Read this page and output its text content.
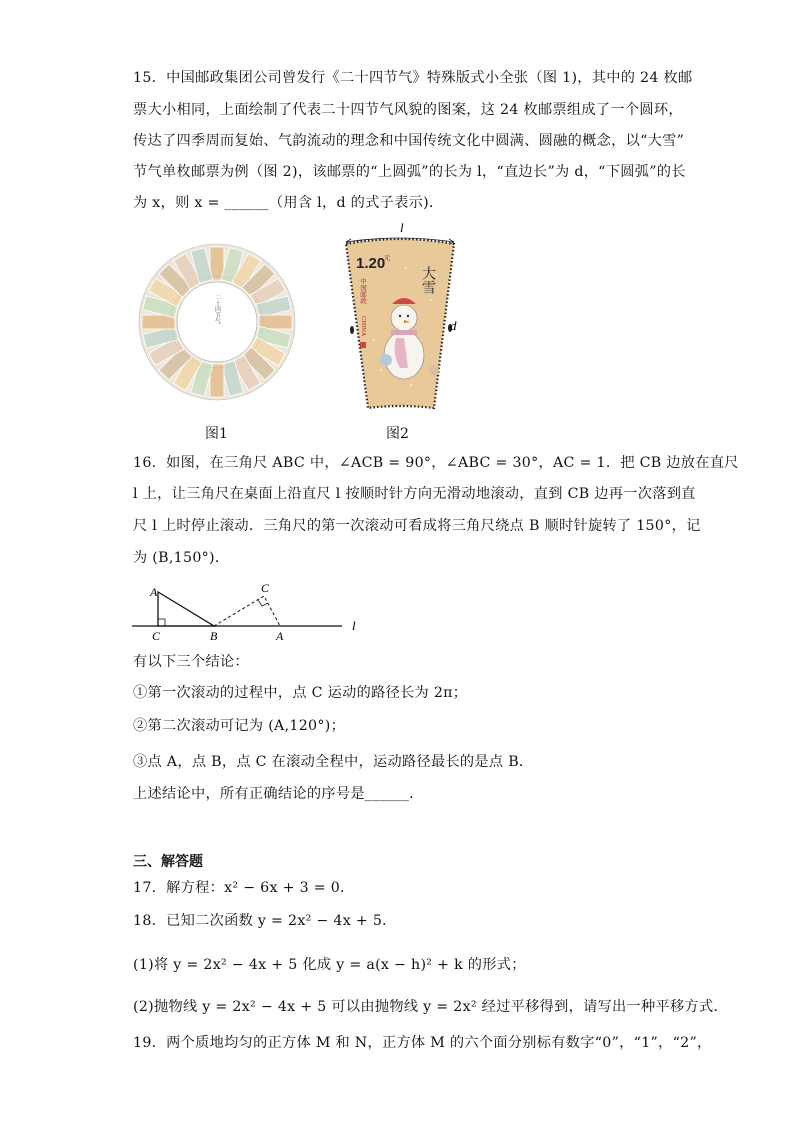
15．中国邮政集团公司曾发行《二十四节气》特殊版式小全张（图 1)，其中的 24 枚邮
票大小相同，上面绘制了代表二十四节气风貌的图案，这 24 枚邮票组成了一个圆环，
传达了四季周而复始、气韵流动的理念和中国传统文化中圆满、圆融的概念，以“大雪”
节气单枚邮票为例（图 2)，该邮票的“上圆弧”的长为 l，“直边长”为 d，“下圆弧”的长
为 x，则 x = ______（用含 l，d 的式子表示)．
二十四节气
图1
l
1.20
元
大雪
中国邮政
CHINA	d
图2
16．如图，在三角尺 ABC 中，∠ACB = 90°，∠ABC = 30°，AC = 1．把 CB 边放在直尺
l 上，让三角尺在桌面上沿直尺 l 按顺时针方向无滑动地滚动，直到 CB 边再一次落到直
尺 l 上时停止滚动．三角尺的第一次滚动可看成将三角尺绕点 B 顺时针旋转了 150°，记
为 (B,150°)．
A
C	B
C
A
l
有以下三个结论：
①第一次滚动的过程中，点 C 运动的路径长为 2π；
②第二次滚动可记为 (A,120°)；
③点 A，点 B，点 C 在滚动全程中，运动路径最长的是点 B．
上述结论中，所有正确结论的序号是______．
三、解答题
17．解方程：x² − 6x + 3 = 0．
18．已知二次函数 y = 2x² − 4x + 5．
(1)将 y = 2x² − 4x + 5 化成 y = a(x − h)² + k 的形式；
(2)抛物线 y = 2x² − 4x + 5 可以由抛物线 y = 2x² 经过平移得到，请写出一种平移方式．
19．两个质地均匀的正方体 M 和 N，正方体 M 的六个面分别标有数字“0”，“1”，“2”，
